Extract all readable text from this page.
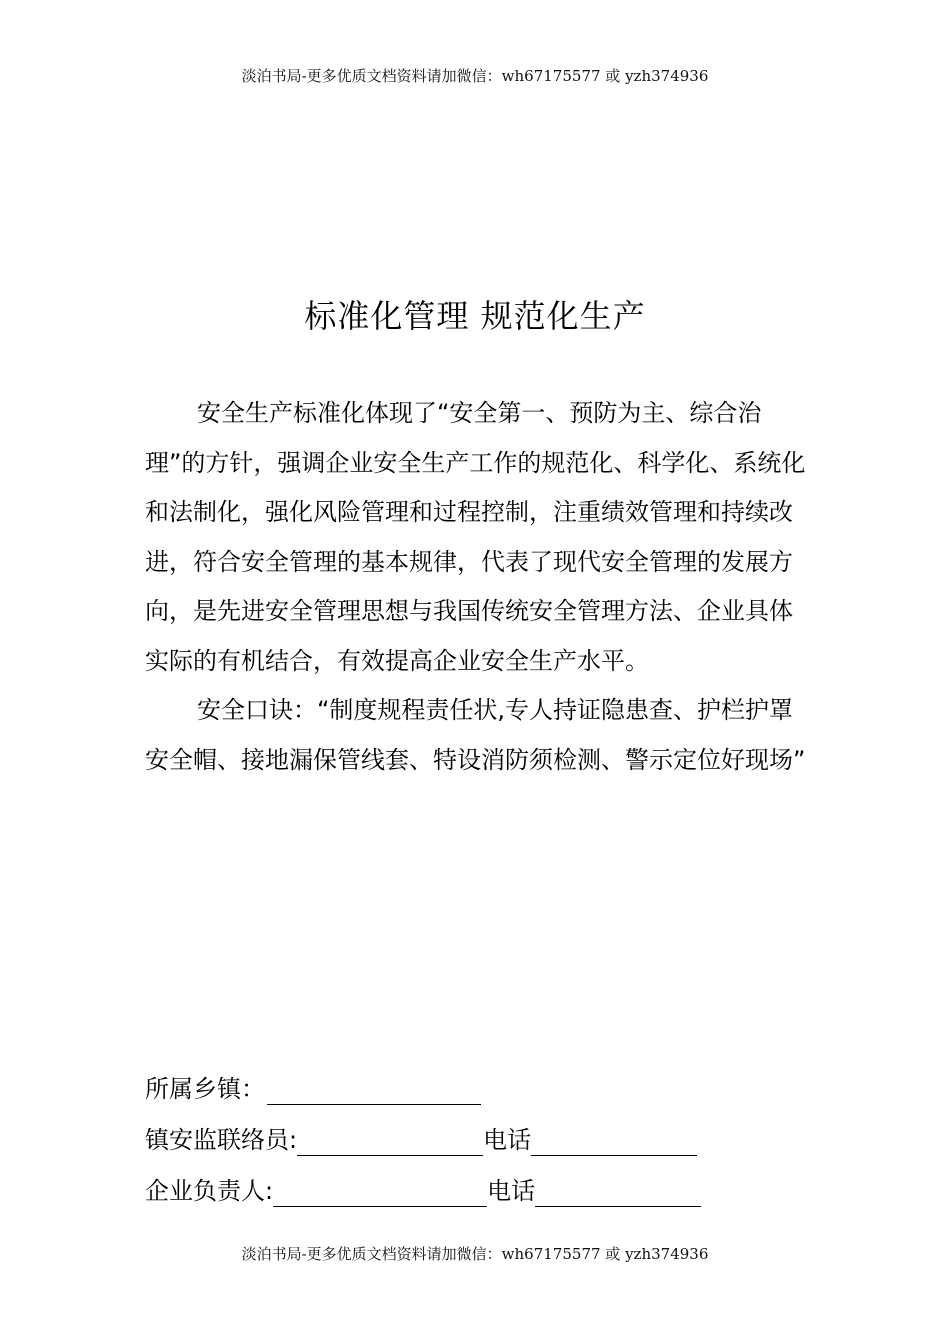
淡泊书局-更多优质文档资料请加微信：wh67175577 或 yzh374936
标准化管理 规范化生产

安全生产标准化体现了“安全第一、预防为主、综合治理”的方针，强调企业安全生产工作的规范化、科学化、系统化和法制化，强化风险管理和过程控制，注重绩效管理和持续改进，符合安全管理的基本规律，代表了现代安全管理的发展方向，是先进安全管理思想与我国传统安全管理方法、企业具体实际的有机结合，有效提高企业安全生产水平。

安全口诀：“制度规程责任状,专人持证隐患查、护栏护罩安全帽、接地漏保管线套、特设消防须检测、警示定位好现场”

所属乡镇：
镇安监联络员:	电话
企业负责人:	电话
淡泊书局-更多优质文档资料请加微信：wh67175577 或 yzh374936
